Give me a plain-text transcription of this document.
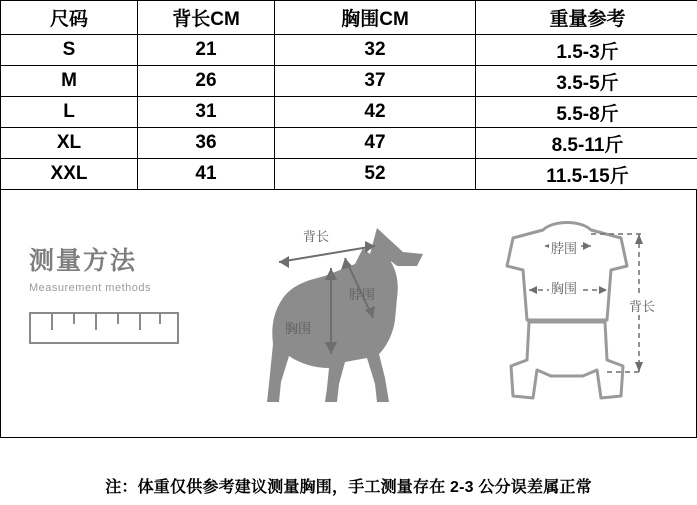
尺码	背长CM	胸围CM	重量参考
S	21	32	1.5-3斤
M	26	37	3.5-5斤
L	31	42	5.5-8斤
XL	36	47	8.5-11斤
XXL	41	52	11.5-15斤
测量方法
Measurement methods
背长
脖围
胸围
脖围
胸围
背长
注：体重仅供参考建议测量胸围，手工测量存在 2-3 公分误差属正常
